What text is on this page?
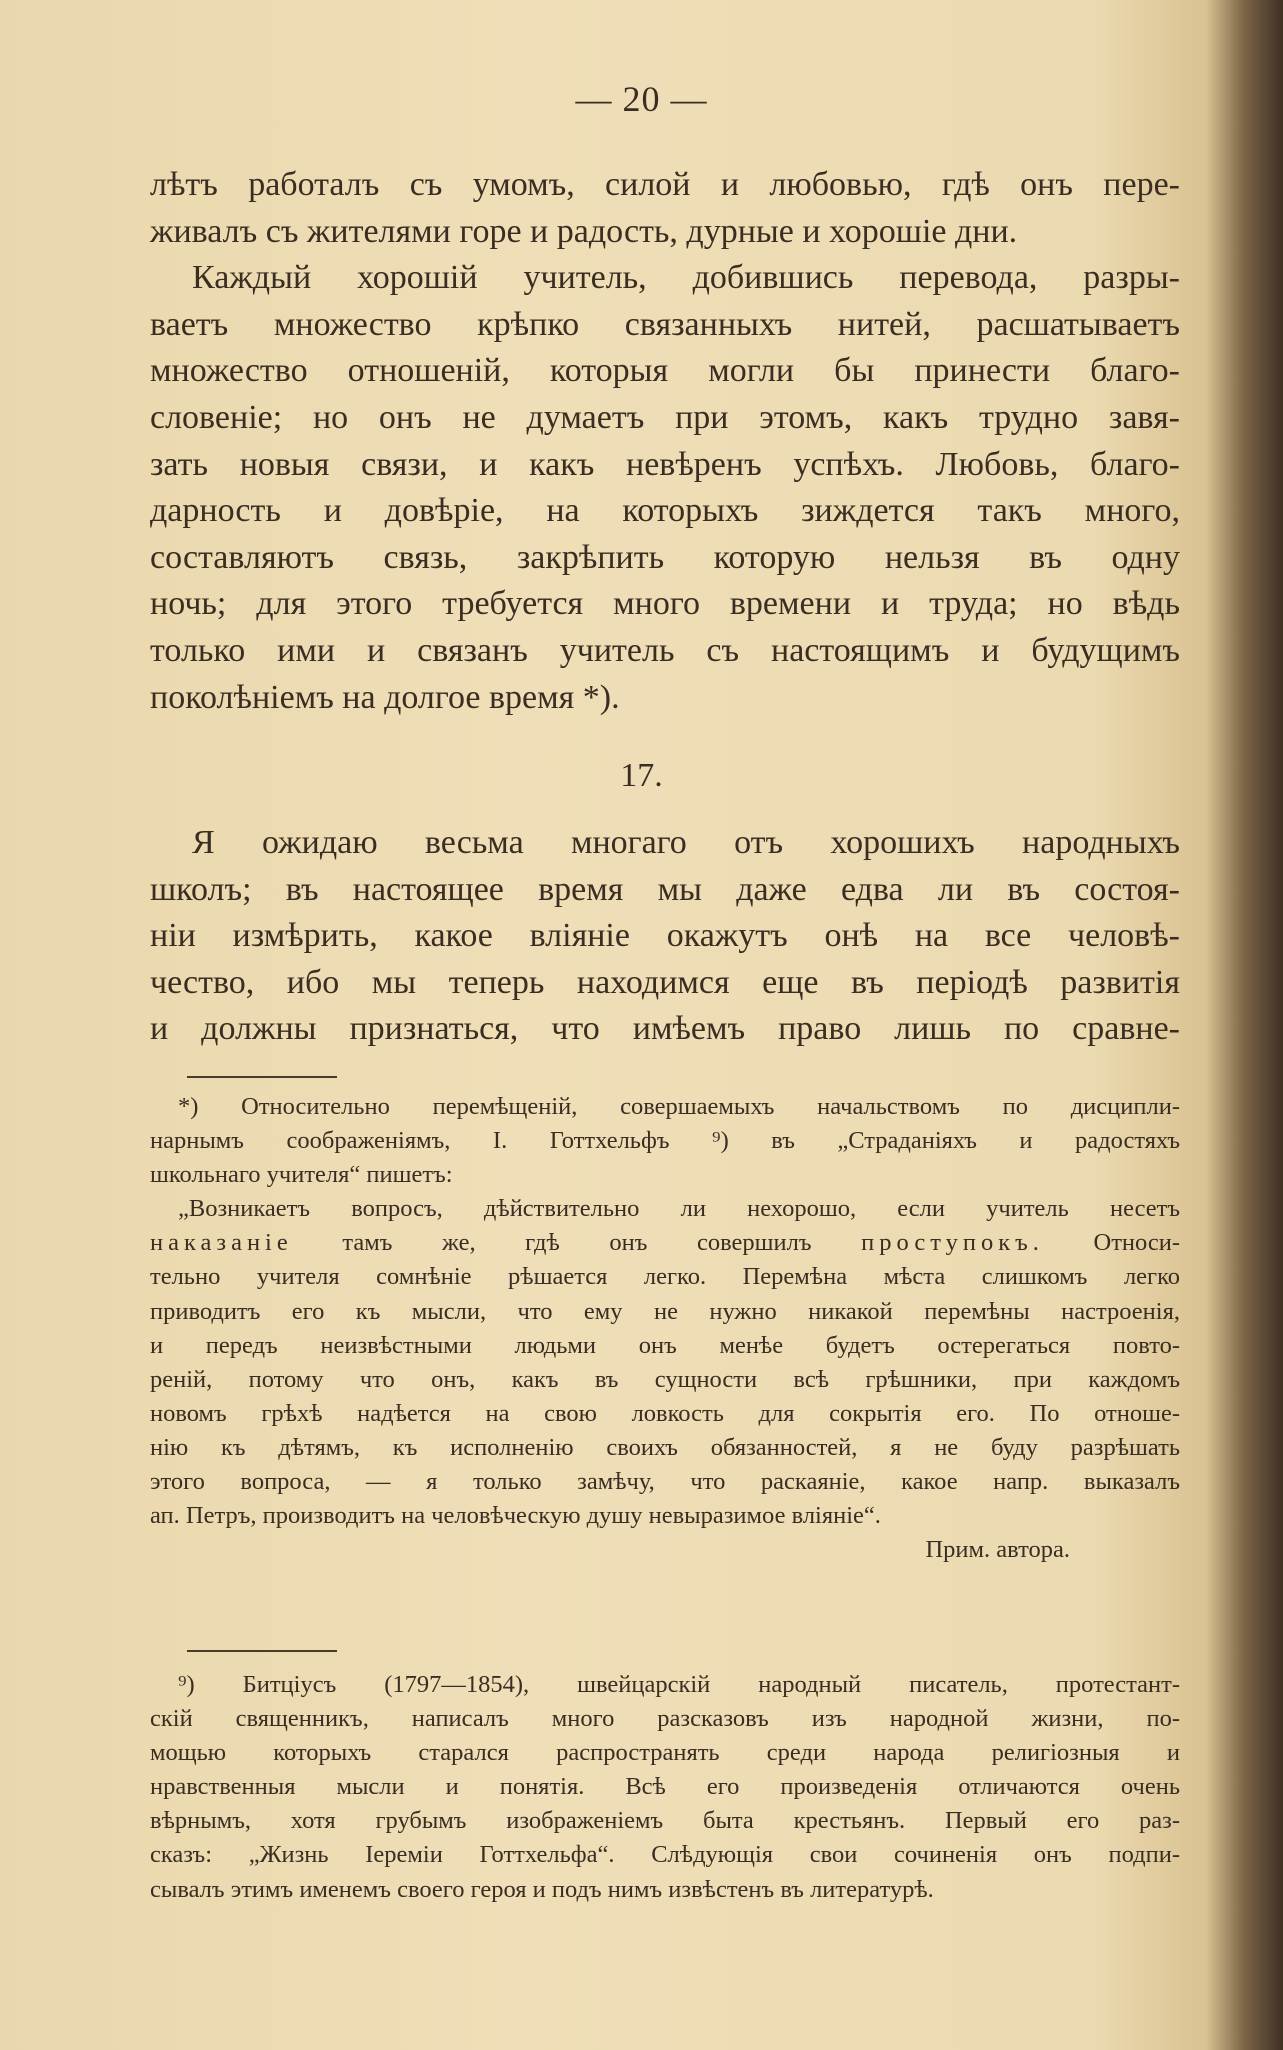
— 20 —
лѣтъ работалъ съ умомъ, силой и любовью, гдѣ онъ пере-
живалъ съ жителями горе и радость, дурные и хорошіе дни.
Каждый хорошій учитель, добившись перевода, разры-
ваетъ множество крѣпко связанныхъ нитей, расшатываетъ
множество отношеній, которыя могли бы принести благо-
словеніе; но онъ не думаетъ при этомъ, какъ трудно завя-
зать новыя связи, и какъ невѣренъ успѣхъ. Любовь, благо-
дарность и довѣріе, на которыхъ зиждется такъ много,
составляютъ связь, закрѣпить которую нельзя въ одну
ночь; для этого требуется много времени и труда; но вѣдь
только ими и связанъ учитель съ настоящимъ и будущимъ
поколѣніемъ на долгое время *).
17.
Я ожидаю весьма многаго отъ хорошихъ народныхъ
школъ; въ настоящее время мы даже едва ли въ состоя-
ніи измѣрить, какое вліяніе окажутъ онѣ на все человѣ-
чество, ибо мы теперь находимся еще въ періодѣ развитія
и должны признаться, что имѣемъ право лишь по сравне-
*) Относительно перемѣщеній, совершаемыхъ начальствомъ по дисципли-
нарнымъ соображеніямъ, І. Готтхельфъ ⁹) въ „Страданіяхъ и радостяхъ
школьнаго учителя“ пишетъ:
„Возникаетъ вопросъ, дѣйствительно ли нехорошо, если учитель несетъ
наказаніе тамъ же, гдѣ онъ совершилъ проступокъ. Относи-
тельно учителя сомнѣніе рѣшается легко. Перемѣна мѣста слишкомъ легко
приводитъ его къ мысли, что ему не нужно никакой перемѣны настроенія,
и передъ неизвѣстными людьми онъ менѣе будетъ остерегаться повто-
реній, потому что онъ, какъ въ сущности всѣ грѣшники, при каждомъ
новомъ грѣхѣ надѣется на свою ловкость для сокрытія его. По отноше-
нію къ дѣтямъ, къ исполненію своихъ обязанностей, я не буду разрѣшать
этого вопроса, — я только замѣчу, что раскаяніе, какое напр. выказалъ
ап. Петръ, производитъ на человѣческую душу невыразимое вліяніе“.
Прим. автора.
⁹) Битціусъ (1797—1854), швейцарскій народный писатель, протестант-
скій священникъ, написалъ много разсказовъ изъ народной жизни, по-
мощью которыхъ старался распространять среди народа религіозныя и
нравственныя мысли и понятія. Всѣ его произведенія отличаются очень
вѣрнымъ, хотя грубымъ изображеніемъ быта крестьянъ. Первый его раз-
сказъ: „Жизнь Іереміи Готтхельфа“. Слѣдующія свои сочиненія онъ подпи-
сывалъ этимъ именемъ своего героя и подъ нимъ извѣстенъ въ литературѣ.
